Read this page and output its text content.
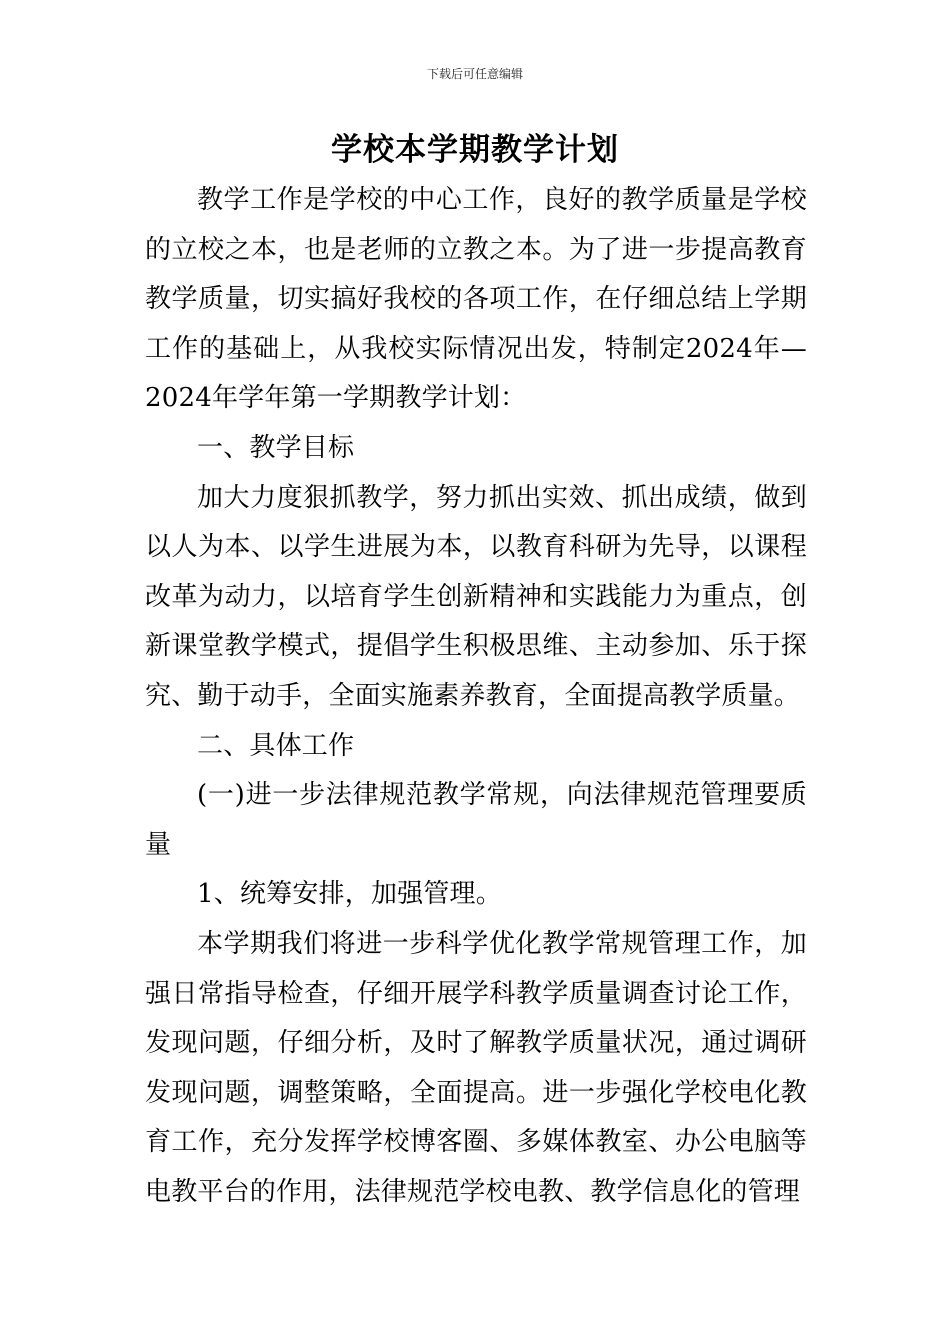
下载后可任意编辑
学校本学期教学计划

教学工作是学校的中心工作，良好的教学质量是学校的立校之本，也是老师的立教之本。为了进一步提高教育教学质量，切实搞好我校的各项工作，在仔细总结上学期工作的基础上，从我校实际情况出发，特制定2024年—2024年学年第一学期教学计划：

一、教学目标

加大力度狠抓教学，努力抓出实效、抓出成绩，做到以人为本、以学生进展为本，以教育科研为先导，以课程改革为动力，以培育学生创新精神和实践能力为重点，创新课堂教学模式，提倡学生积极思维、主动参加、乐于探究、勤于动手，全面实施素养教育，全面提高教学质量。

二、具体工作

(一)进一步法律规范教学常规，向法律规范管理要质量

1、统筹安排，加强管理。

本学期我们将进一步科学优化教学常规管理工作，加强日常指导检查，仔细开展学科教学质量调查讨论工作，发现问题，仔细分析，及时了解教学质量状况，通过调研发现问题，调整策略，全面提高。进一步强化学校电化教育工作，充分发挥学校博客圈、多媒体教室、办公电脑等电教平台的作用，法律规范学校电教、教学信息化的管理
